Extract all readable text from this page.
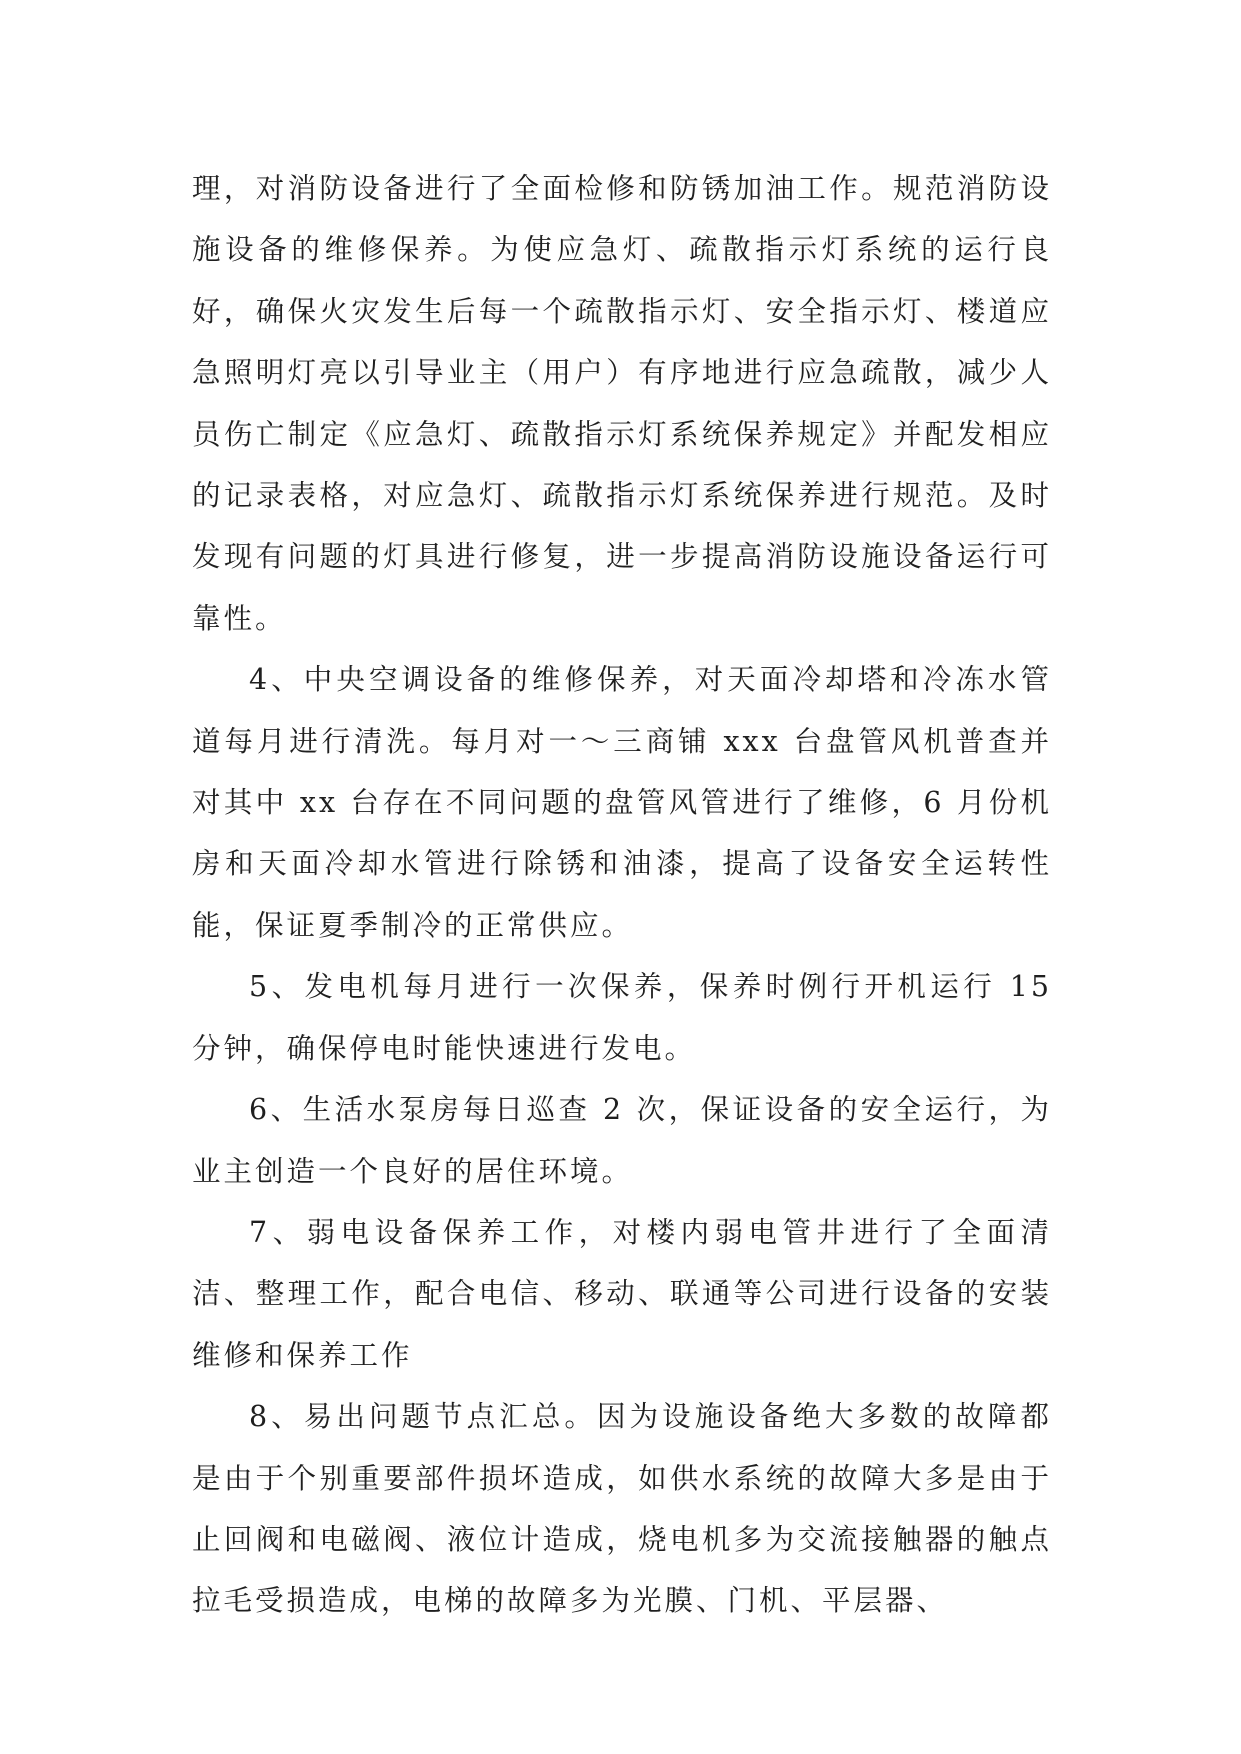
理，对消防设备进行了全面检修和防锈加油工作。规范消防设施设备的维修保养。为使应急灯、疏散指示灯系统的运行良好，确保火灾发生后每一个疏散指示灯、安全指示灯、楼道应急照明灯亮以引导业主（用户）有序地进行应急疏散，减少人员伤亡制定《应急灯、疏散指示灯系统保养规定》并配发相应的记录表格，对应急灯、疏散指示灯系统保养进行规范。及时发现有问题的灯具进行修复，进一步提高消防设施设备运行可靠性。

4、中央空调设备的维修保养，对天面冷却塔和冷冻水管道每月进行清洗。每月对一～三商铺 xxx 台盘管风机普查并对其中 xx 台存在不同问题的盘管风管进行了维修，6 月份机房和天面冷却水管进行除锈和油漆，提高了设备安全运转性能，保证夏季制冷的正常供应。

5、发电机每月进行一次保养，保养时例行开机运行 15 分钟，确保停电时能快速进行发电。

6、生活水泵房每日巡查 2 次，保证设备的安全运行，为业主创造一个良好的居住环境。

7、弱电设备保养工作，对楼内弱电管井进行了全面清洁、整理工作，配合电信、移动、联通等公司进行设备的安装维修和保养工作

8、易出问题节点汇总。因为设施设备绝大多数的故障都是由于个别重要部件损坏造成，如供水系统的故障大多是由于止回阀和电磁阀、液位计造成，烧电机多为交流接触器的触点拉毛受损造成，电梯的故障多为光膜、门机、平层器、
